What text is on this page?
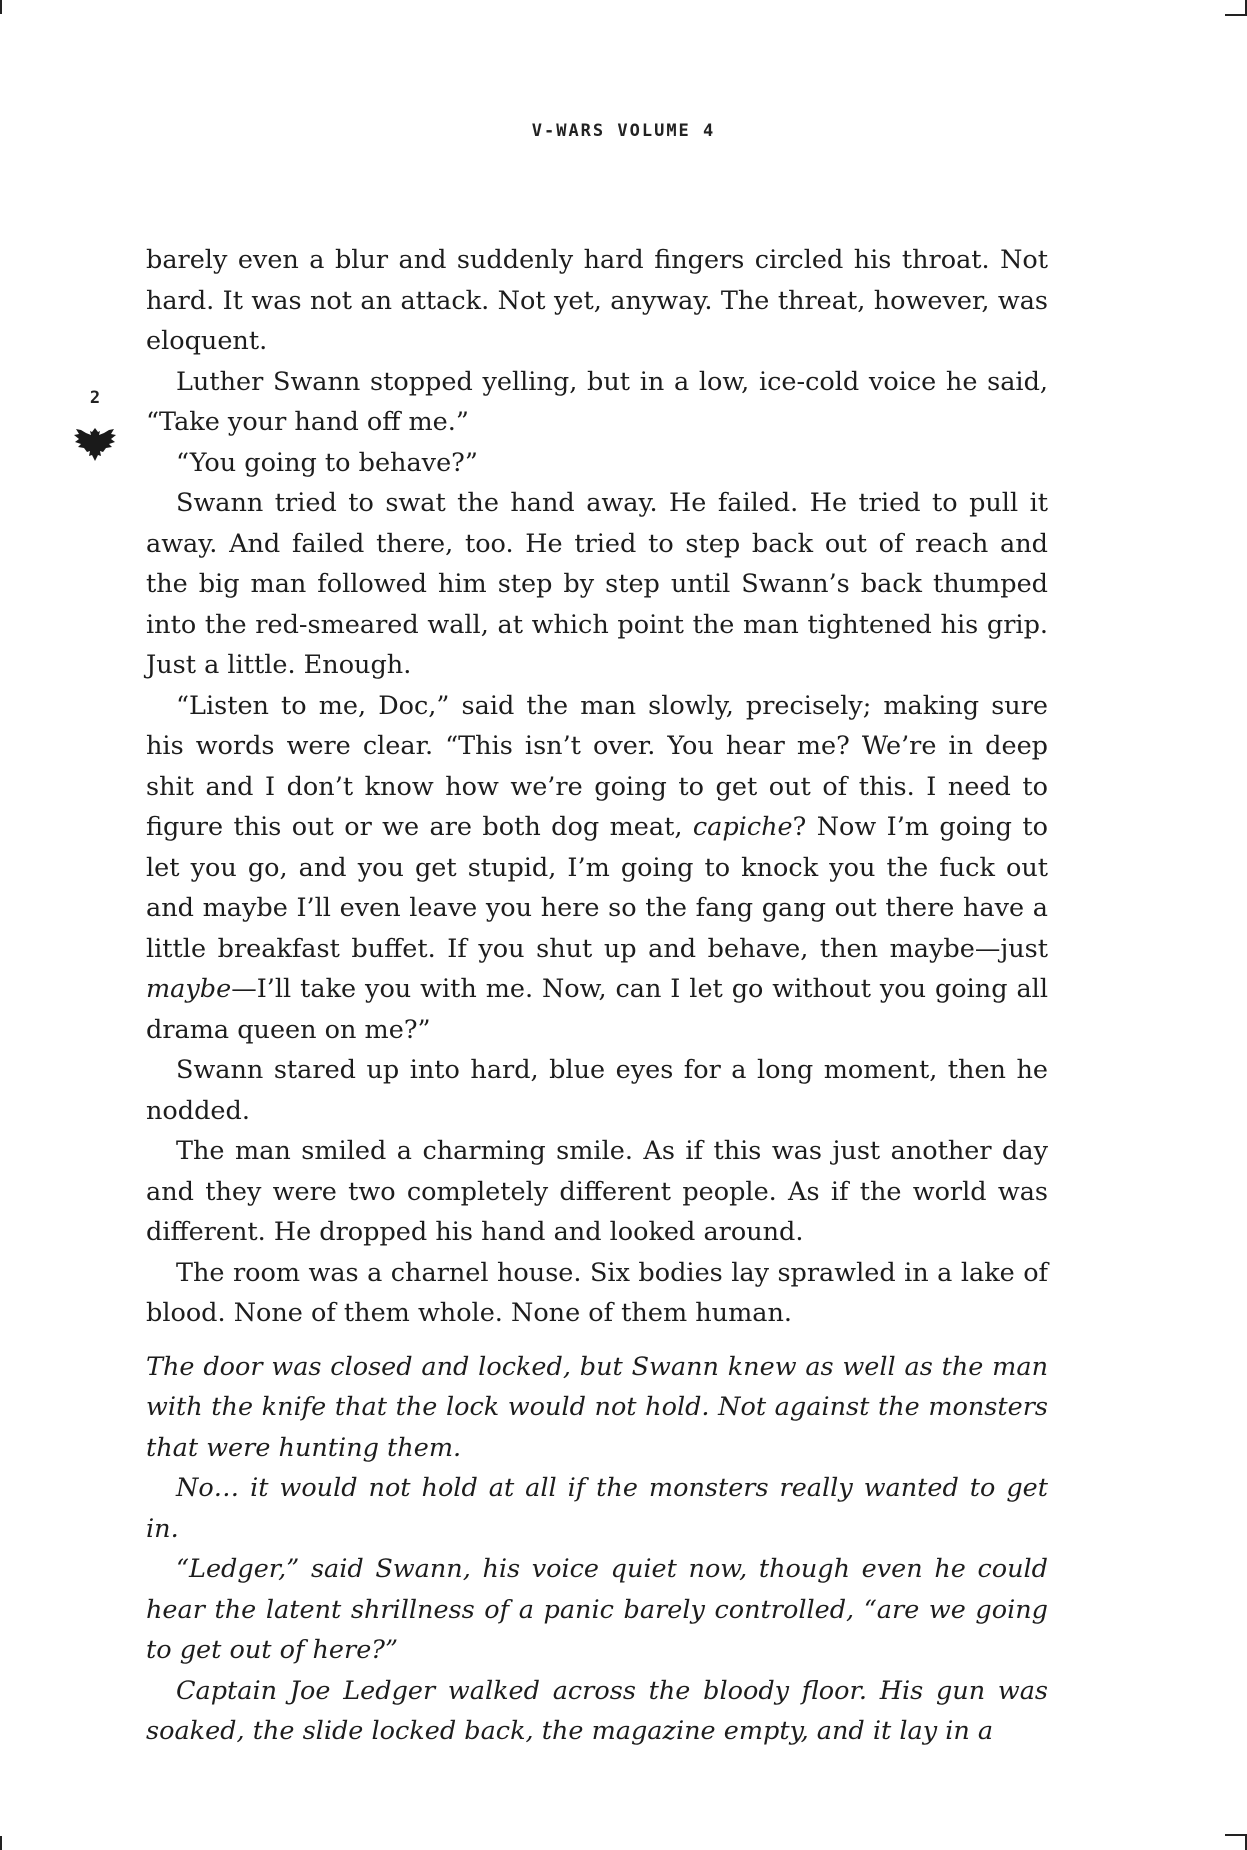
V-WARS VOLUME 4
2

barely even a blur and suddenly hard fingers circled his throat. Not hard. It was not an attack. Not yet, anyway. The threat, however, was eloquent.

Luther Swann stopped yelling, but in a low, ice-cold voice he said, “Take your hand off me.”

“You going to behave?”

Swann tried to swat the hand away. He failed. He tried to pull it away. And failed there, too. He tried to step back out of reach and the big man followed him step by step until Swann’s back thumped into the red-smeared wall, at which point the man tightened his grip. Just a little. Enough.

“Listen to me, Doc,” said the man slowly, precisely; making sure his words were clear. “This isn’t over. You hear me? We’re in deep shit and I don’t know how we’re going to get out of this. I need to figure this out or we are both dog meat, capiche? Now I’m going to let you go, and you get stupid, I’m going to knock you the fuck out and maybe I’ll even leave you here so the fang gang out there have a little breakfast buffet. If you shut up and behave, then maybe—just maybe—I’ll take you with me. Now, can I let go without you going all drama queen on me?”

Swann stared up into hard, blue eyes for a long moment, then he nodded.

The man smiled a charming smile. As if this was just another day and they were two completely different people. As if the world was different. He dropped his hand and looked around.

The room was a charnel house. Six bodies lay sprawled in a lake of blood. None of them whole. None of them human.

The door was closed and locked, but Swann knew as well as the man with the knife that the lock would not hold. Not against the monsters that were hunting them.

No… it would not hold at all if the monsters really wanted to get in.

“Ledger,” said Swann, his voice quiet now, though even he could hear the latent shrillness of a panic barely controlled, “are we going to get out of here?”

Captain Joe Ledger walked across the bloody floor. His gun was soaked, the slide locked back, the magazine empty, and it lay in a
